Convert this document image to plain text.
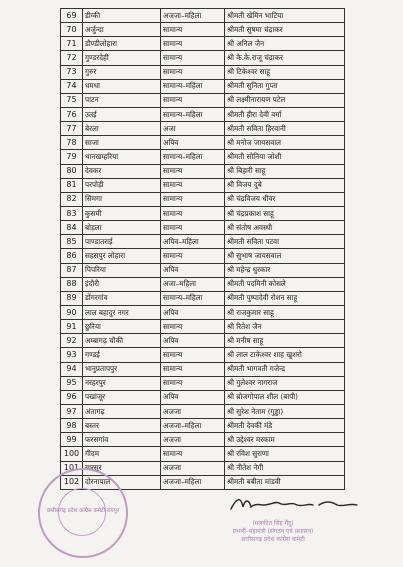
69	डीग्की	अजजा–महिला	श्रीमती खेमिन भाटिया
70	अर्जुन्दा	सामान्य	श्रीमती सुषमा चंद्राकर
71	डौण्डीलोहारा	सामान्य	श्री अनिल जैन
72	गुण्डरदेही	सामान्य	श्री के.के.राजू चंद्राकर
73	गुरुर	सामान्य	श्री टिकेश्वर साहू
74	धमधा	सामान्य–महिला	श्रीमती सुनिता गुप्ता
75	पाटन	सामान्य	श्री लक्ष्मीनारायण पटेल
76	उतई	सामान्य–महिला	श्रीमती हीरा देवी वर्मा
77	बेरला	अजा	श्रीमती सविता हिरवानी
78	साजा	अपिव	श्री मनोज जायसवाल
79	थानखम्हरिया	सामान्य–महिला	श्रीमती सोनिया जोशी
80	देवकर	सामान्य	श्री बिहारी साहू
81	परपोड़ी	सामान्य	श्री विजय दुबे
82	सिमगा	सामान्य	श्री चंद्रविजय धीवर
83	कुसमी	सामान्य	श्री चंद्रप्रकाश साहू
84	बोड़ला	सामान्य	श्री संतोष अवस्थी
85	पाण्डातराई	अपिव–महिला	श्रीमती सविता पटवा
86	सहसपुर लोहारा	सामान्य	श्री सुभाष जायसवाल
87	पिपरिया	अपिव	श्री महेन्द्र धुरकार
88	इंदौरी	अजा–महिला	श्रीमती पदमिनी कोसले
89	डोंगरगांव	सामान्य–महिला	श्रीमती पुष्पादेवी रोशन साहू
90	लाल बहादुर नगर	अपिव	श्री राजकुमार साहू
91	छुरिया	सामान्य	श्री रितेश जैन
92	अम्बागढ़ चौकी	अपिव	श्री मनीष साहू
93	गण्डई	सामान्य	श्री लाल टाकेश्वर शाह खुशरो
94	भानुप्रतापपुर	सामान्य	श्रीमती भागवती गजेन्द्र
95	नरहरपुर	सामान्य	श्री गुलेश्वर नागराज
96	पखांजूर	अपिव	श्री ब्रोजगोपाल शील (बापी)
97	अंतागढ़	अजजा	श्री सुरेश नेताम (गुड्डा)
98	बस्तर	अजजा–महिला	श्रीमती देवकी मंडे
99	फरसगांव	अजजा	श्री उद्देश्वर मरकाम
100	गीदम	सामान्य	श्री रविश सुराणा
101	बारसूर	अजजा	श्री नीतेश नेगी
102	दोरनापाल	अजजा–महिला	श्रीमती बबीता मांडवी
छत्तीसगढ़ प्रदेश कांग्रेस कमेटी रायपुर
(मलकीत सिंह गैंदू)
प्रभारी–महामंत्री (संगठन एवं प्रशासन)
छत्तीसगढ़ प्रदेश कांग्रेस कमेटी
